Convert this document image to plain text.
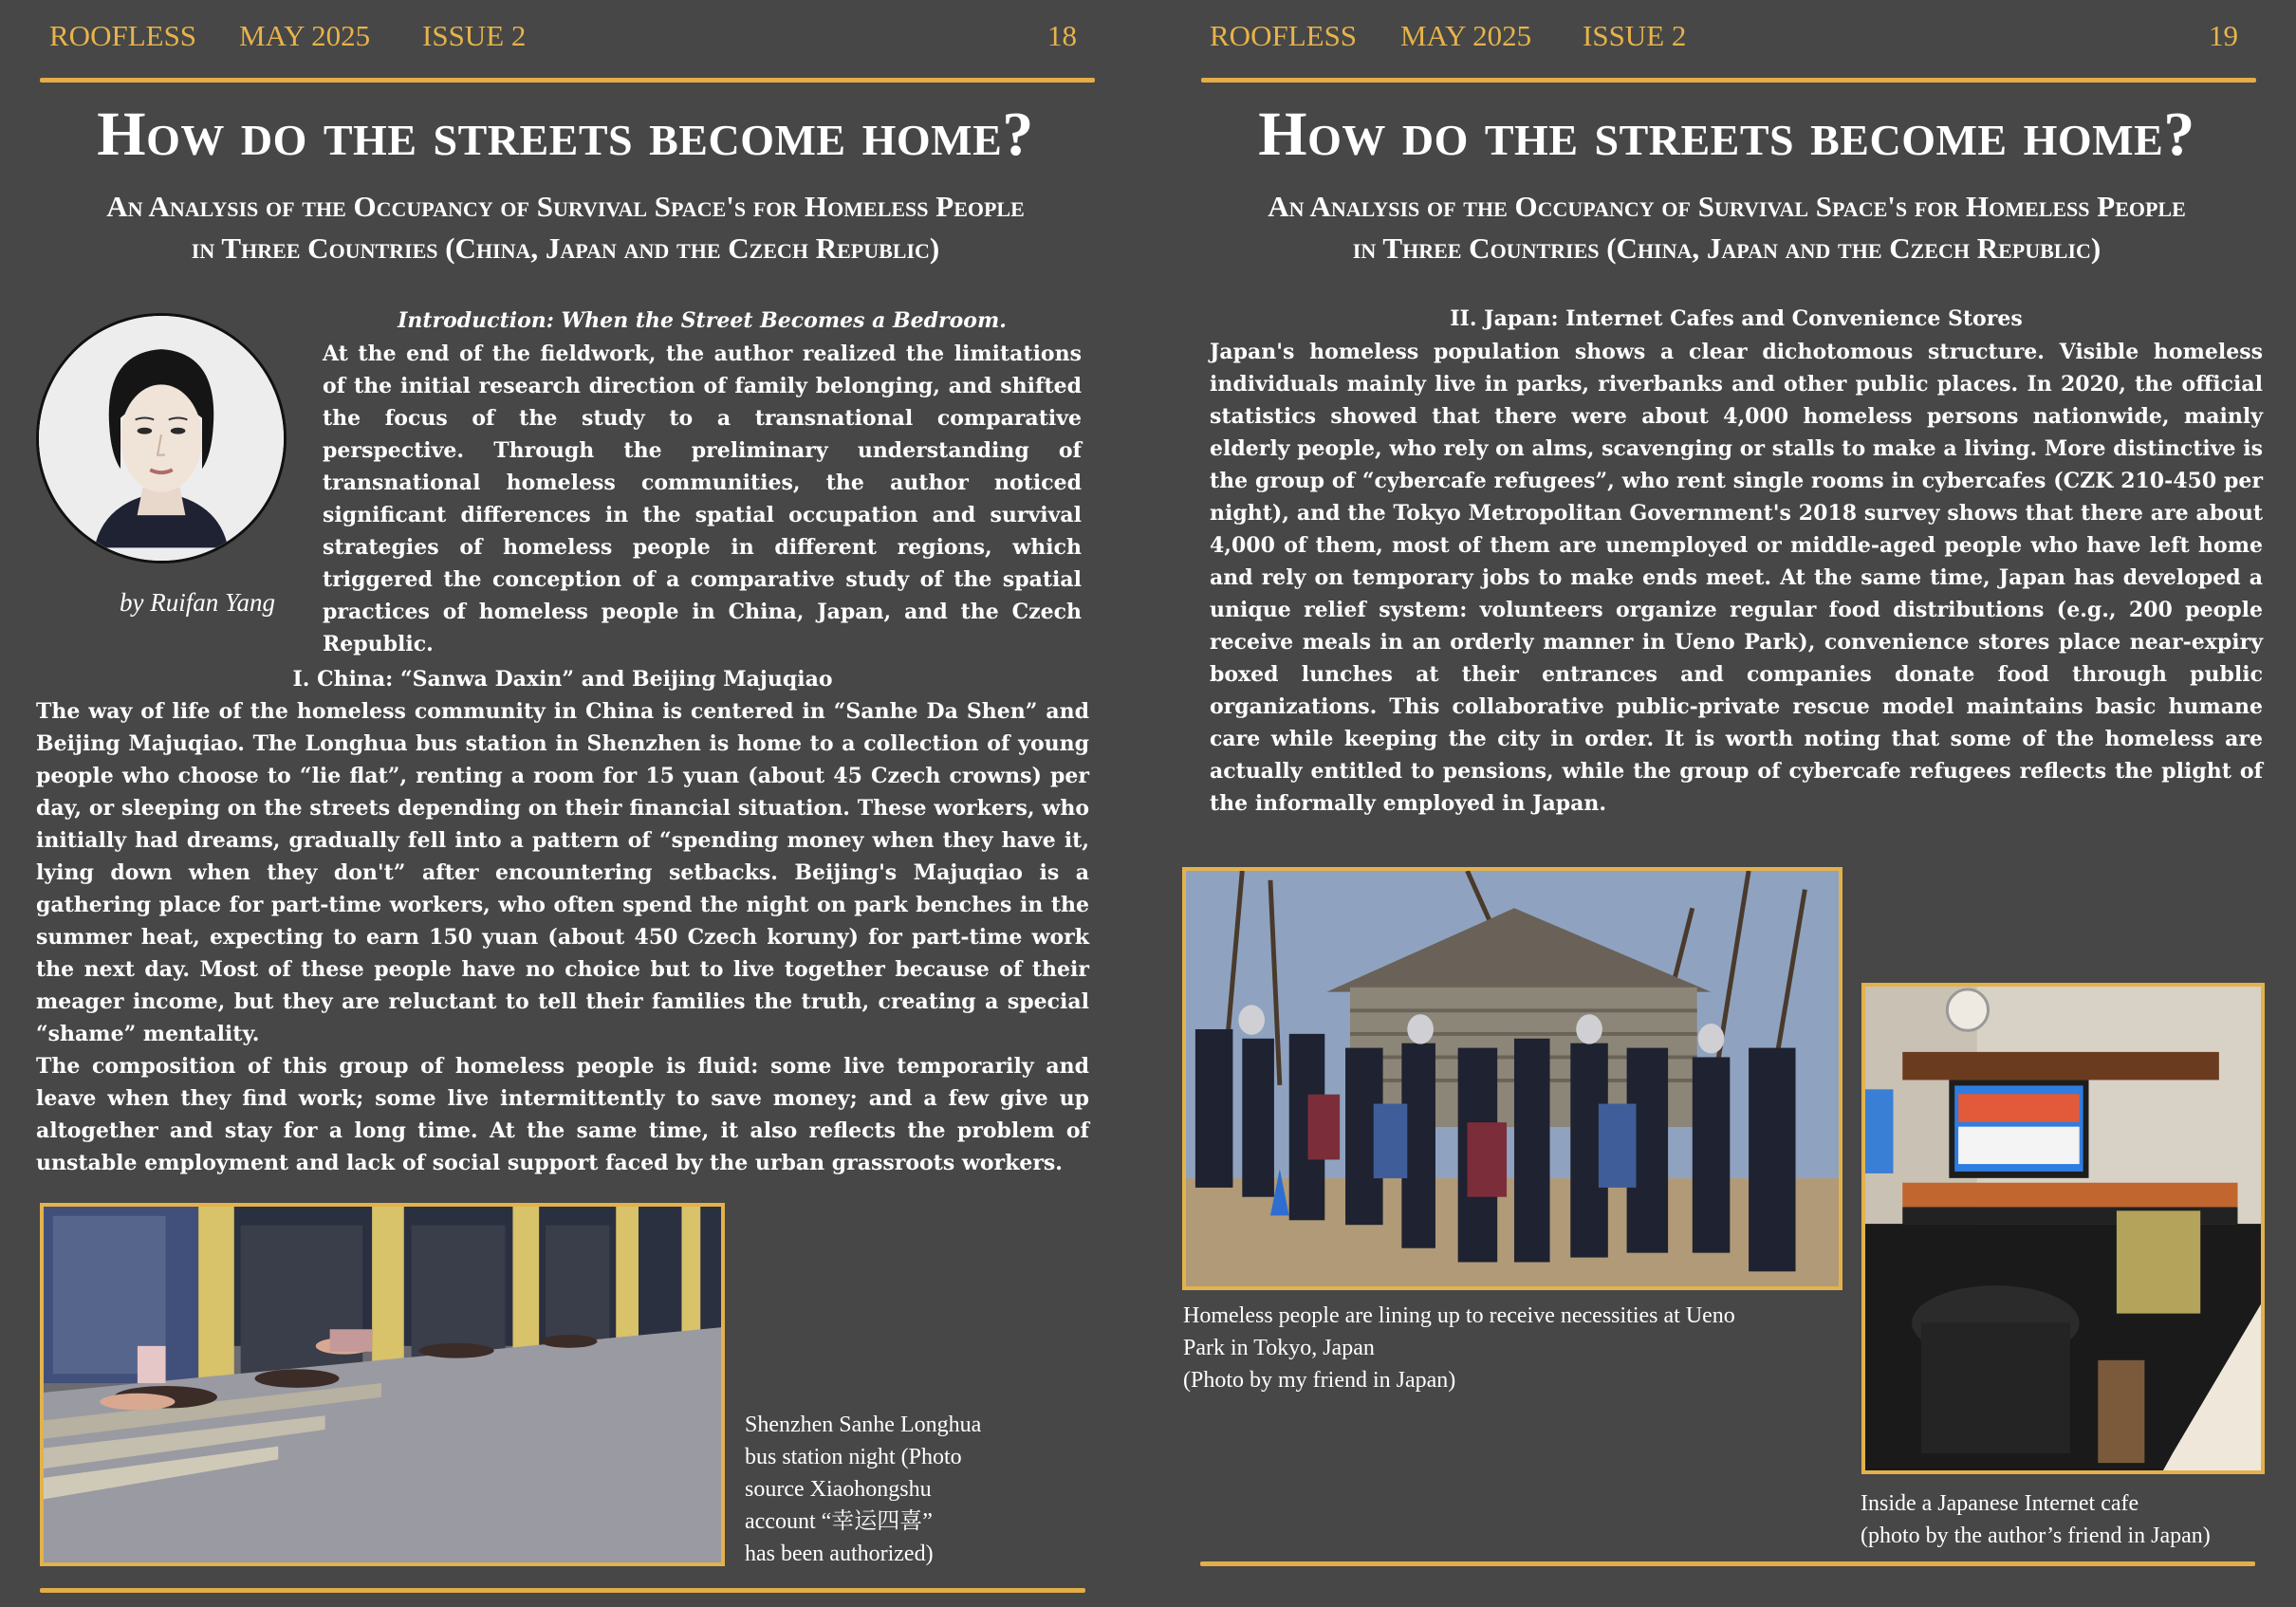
ROOFLESS MAY 2025 ISSUE 2	18
How do the streets become home?
An Analysis of the Occupancy of Survival Space's for Homeless People
in Three Countries (China, Japan and the Czech Republic)
by Ruifan Yang
Introduction: When the Street Becomes a Bedroom.
At the end of the fieldwork, the author realized the limitations of the initial research direction of family belonging, and shifted the focus of the study to a transnational comparative perspective. Through the preliminary understanding of transnational homeless communities, the author noticed significant differences in the spatial occupation and survival strategies of homeless people in different regions, which triggered the conception of a comparative study of the spatial practices of homeless people in China, Japan, and the Czech Republic.
I. China: “Sanwa Daxin” and Beijing Majuqiao
The way of life of the homeless community in China is centered in “Sanhe Da Shen” and Beijing Majuqiao. The Longhua bus station in Shenzhen is home to a collection of young people who choose to “lie flat”, renting a room for 15 yuan (about 45 Czech crowns) per day, or sleeping on the streets depending on their financial situation. These workers, who initially had dreams, gradually fell into a pattern of “spending money when they have it, lying down when they don't” after encountering setbacks. Beijing's Majuqiao is a gathering place for part-time workers, who often spend the night on park benches in the summer heat, expecting to earn 150 yuan (about 450 Czech koruny) for part-time work the next day. Most of these people have no choice but to live together because of their meager income, but they are reluctant to tell their families the truth, creating a special “shame” mentality.
The composition of this group of homeless people is fluid: some live temporarily and leave when they find work; some live intermittently to save money; and a few give up altogether and stay for a long time. At the same time, it also reflects the problem of unstable employment and lack of social support faced by the urban grassroots workers.
Shenzhen Sanhe Longhua
bus station night (Photo
source Xiaohongshu
account “幸运四喜”
has been authorized)
ROOFLESS MAY 2025 ISSUE 2	19
How do the streets become home?
An Analysis of the Occupancy of Survival Space's for Homeless People
in Three Countries (China, Japan and the Czech Republic)
II. Japan: Internet Cafes and Convenience Stores
Japan's homeless population shows a clear dichotomous structure. Visible homeless individuals mainly live in parks, riverbanks and other public places. In 2020, the official statistics showed that there were about 4,000 homeless persons nationwide, mainly elderly people, who rely on alms, scavenging or stalls to make a living. More distinctive is the group of “cybercafe refugees”, who rent single rooms in cybercafes (CZK 210-450 per night), and the Tokyo Metropolitan Government's 2018 survey shows that there are about 4,000 of them, most of them are unemployed or middle-aged people who have left home and rely on temporary jobs to make ends meet. At the same time, Japan has developed a unique relief system: volunteers organize regular food distributions (e.g., 200 people receive meals in an orderly manner in Ueno Park), convenience stores place near-expiry boxed lunches at their entrances and companies donate food through public organizations. This collaborative public-private rescue model maintains basic humane care while keeping the city in order. It is worth noting that some of the homeless are actually entitled to pensions, while the group of cybercafe refugees reflects the plight of the informally employed in Japan.
Homeless people are lining up to receive necessities at Ueno
Park in Tokyo, Japan
(Photo by my friend in Japan)
Inside a Japanese Internet cafe
(photo by the author’s friend in Japan)
